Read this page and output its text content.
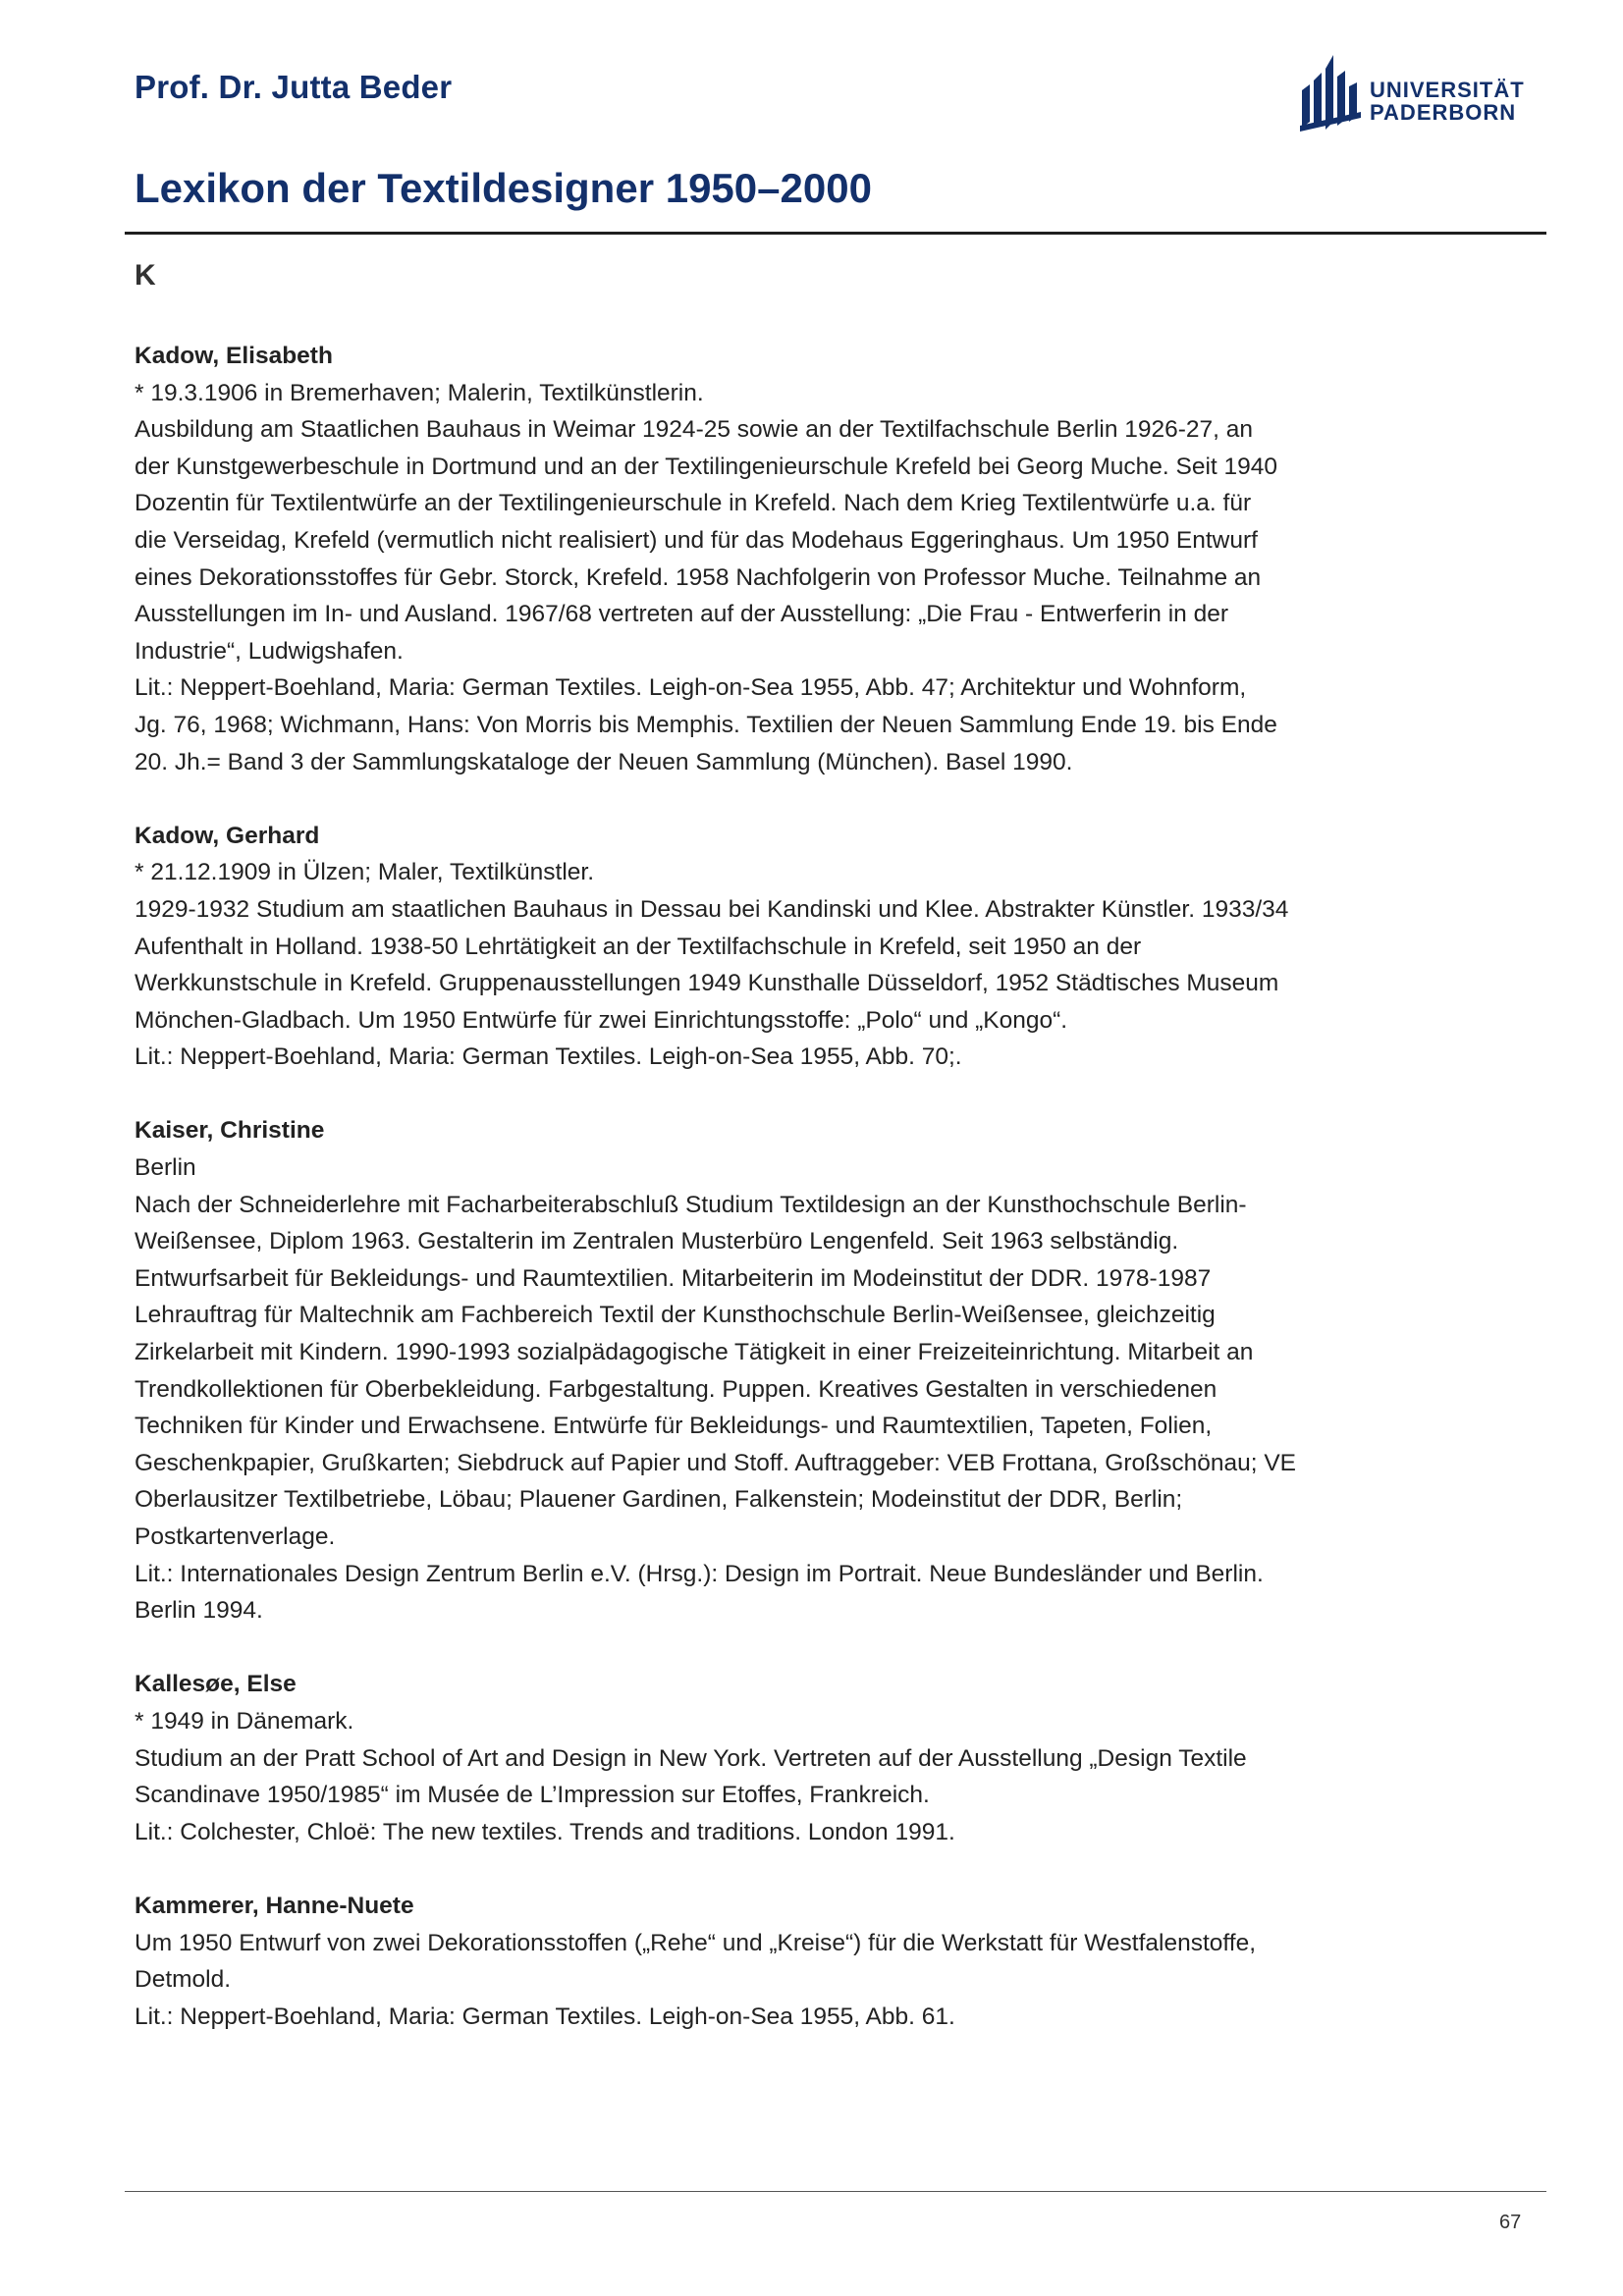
Prof. Dr. Jutta Beder	UNIVERSITÄT
PADERBORN
Lexikon der Textildesigner 1950–2000
K
Kadow, Elisabeth
* 19.3.1906 in Bremerhaven; Malerin, Textilkünstlerin.
Ausbildung am Staatlichen Bauhaus in Weimar 1924-25 sowie an der Textilfachschule Berlin 1926-27, an
der Kunstgewerbeschule in Dortmund und an der Textilingenieurschule Krefeld bei Georg Muche. Seit 1940
Dozentin für Textilentwürfe an der Textilingenieurschule in Krefeld. Nach dem Krieg Textilentwürfe u.a. für
die Verseidag, Krefeld (vermutlich nicht realisiert) und für das Modehaus Eggeringhaus. Um 1950 Entwurf
eines Dekorationsstoffes für Gebr. Storck, Krefeld. 1958 Nachfolgerin von Professor Muche. Teilnahme an
Ausstellungen im In- und Ausland. 1967/68 vertreten auf der Ausstellung: „Die Frau - Entwerferin in der
Industrie“, Ludwigshafen.
Lit.: Neppert-Boehland, Maria: German Textiles. Leigh-on-Sea 1955, Abb. 47; Architektur und Wohnform,
Jg. 76, 1968; Wichmann, Hans: Von Morris bis Memphis. Textilien der Neuen Sammlung Ende 19. bis Ende
20. Jh.= Band 3 der Sammlungskataloge der Neuen Sammlung (München). Basel 1990.
Kadow, Gerhard
* 21.12.1909 in Ülzen; Maler, Textilkünstler.
1929-1932 Studium am staatlichen Bauhaus in Dessau bei Kandinski und Klee. Abstrakter Künstler. 1933/34
Aufenthalt in Holland. 1938-50 Lehrtätigkeit an der Textilfachschule in Krefeld, seit 1950 an der
Werkkunstschule in Krefeld. Gruppenausstellungen 1949 Kunsthalle Düsseldorf, 1952 Städtisches Museum
Mönchen-Gladbach. Um 1950 Entwürfe für zwei Einrichtungsstoffe: „Polo“ und „Kongo“.
Lit.: Neppert-Boehland, Maria: German Textiles. Leigh-on-Sea 1955, Abb. 70;.
Kaiser, Christine
Berlin
Nach der Schneiderlehre mit Facharbeiterabschluß Studium Textildesign an der Kunsthochschule Berlin-
Weißensee, Diplom 1963. Gestalterin im Zentralen Musterbüro Lengenfeld. Seit 1963 selbständig.
Entwurfsarbeit für Bekleidungs- und Raumtextilien. Mitarbeiterin im Modeinstitut der DDR. 1978-1987
Lehrauftrag für Maltechnik am Fachbereich Textil der Kunsthochschule Berlin-Weißensee, gleichzeitig
Zirkelarbeit mit Kindern. 1990-1993 sozialpädagogische Tätigkeit in einer Freizeiteinrichtung. Mitarbeit an
Trendkollektionen für Oberbekleidung. Farbgestaltung. Puppen. Kreatives Gestalten in verschiedenen
Techniken für Kinder und Erwachsene. Entwürfe für Bekleidungs- und Raumtextilien, Tapeten, Folien,
Geschenkpapier, Grußkarten; Siebdruck auf Papier und Stoff. Auftraggeber: VEB Frottana, Großschönau; VE
Oberlausitzer Textilbetriebe, Löbau; Plauener Gardinen, Falkenstein; Modeinstitut der DDR, Berlin;
Postkartenverlage.
Lit.: Internationales Design Zentrum Berlin e.V. (Hrsg.): Design im Portrait. Neue Bundesländer und Berlin.
Berlin 1994.
Kallesøe, Else
* 1949 in Dänemark.
Studium an der Pratt School of Art and Design in New York. Vertreten auf der Ausstellung „Design Textile
Scandinave 1950/1985“ im Musée de L’Impression sur Etoffes, Frankreich.
Lit.: Colchester, Chloë: The new textiles. Trends and traditions. London 1991.
Kammerer, Hanne-Nuete
Um 1950 Entwurf von zwei Dekorationsstoffen („Rehe“ und „Kreise“) für die Werkstatt für Westfalenstoffe,
Detmold.
Lit.: Neppert-Boehland, Maria: German Textiles. Leigh-on-Sea 1955, Abb. 61.
67
